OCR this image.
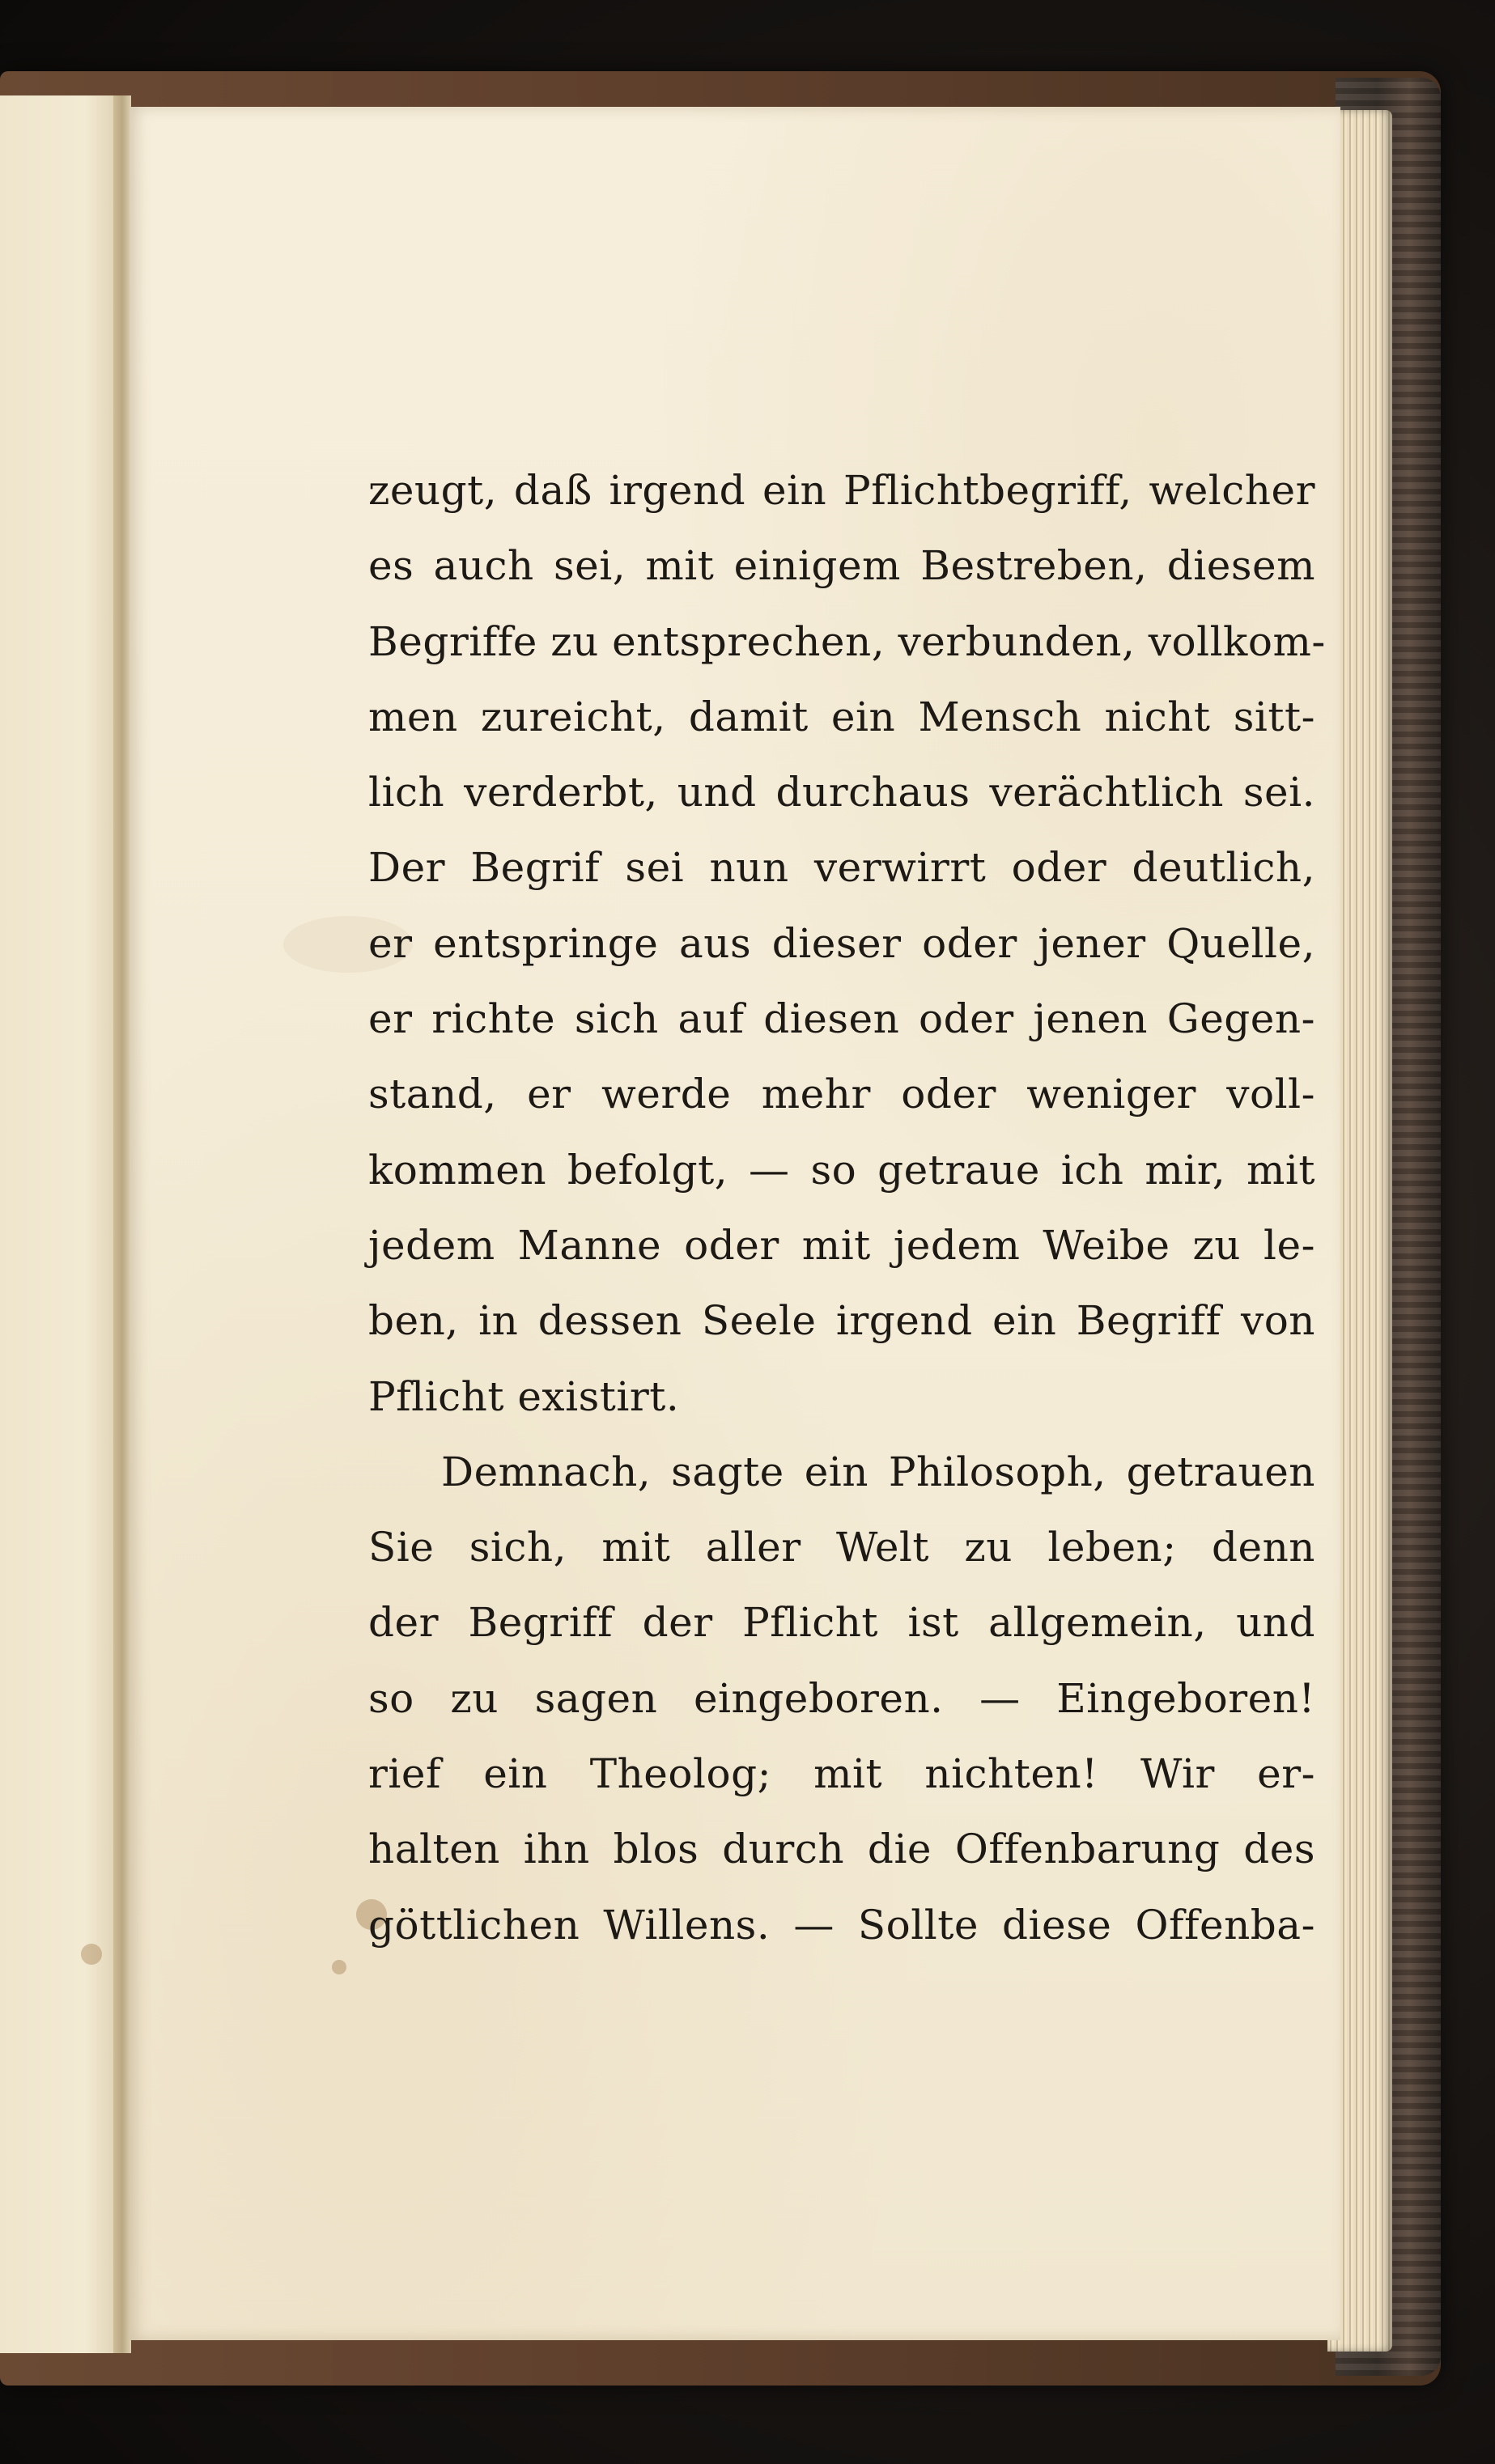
zeugt, daß irgend ein Pflichtbegriff, welcher
es auch sei, mit einigem Bestreben, diesem
Begriffe zu entsprechen, verbunden, vollkom-
men zureicht, damit ein Mensch nicht sitt-
lich verderbt, und durchaus verächtlich sei.
Der Begrif sei nun verwirrt oder deutlich,
er entspringe aus dieser oder jener Quelle,
er richte sich auf diesen oder jenen Gegen-
stand, er werde mehr oder weniger voll-
kommen befolgt, — so getraue ich mir, mit
jedem Manne oder mit jedem Weibe zu le-
ben, in dessen Seele irgend ein Begriff von
Pflicht existirt.
Demnach, sagte ein Philosoph, getrauen
Sie sich, mit aller Welt zu leben; denn
der Begriff der Pflicht ist allgemein, und
so zu sagen eingeboren. — Eingeboren!
rief ein Theolog; mit nichten! Wir er-
halten ihn blos durch die Offenbarung des
göttlichen Willens. — Sollte diese Offenba-
